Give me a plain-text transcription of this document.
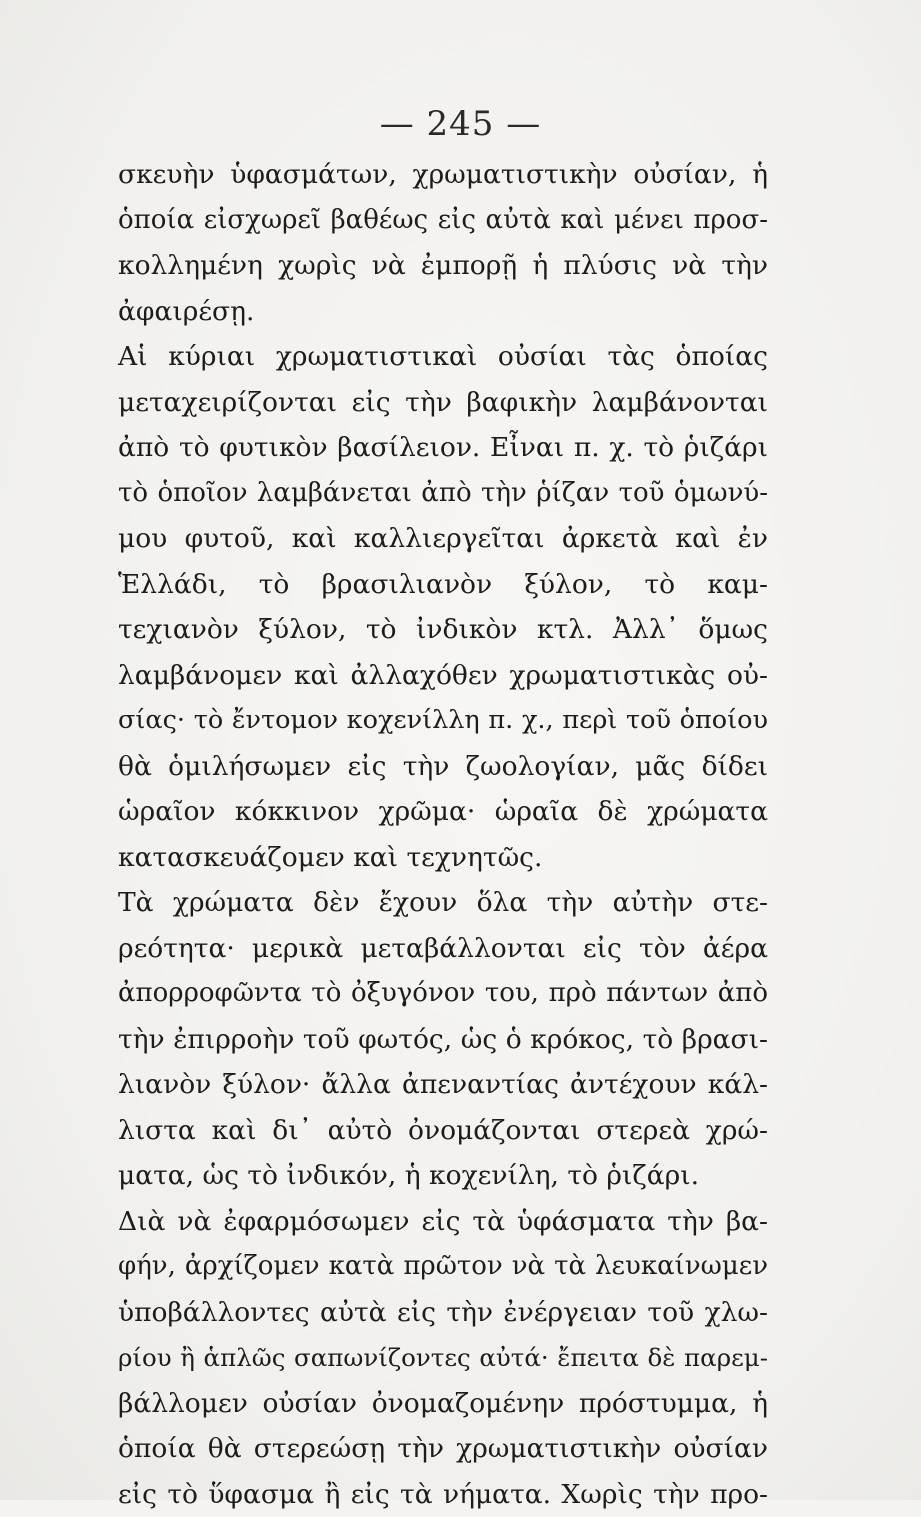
— 245 —
σκευὴν ὑφασμάτων, χρωματιστικὴν οὐσίαν, ἡ
ὁποία εἰσχωρεῖ βαθέως εἰς αὐτὰ καὶ μένει προσ-
κολλημένη χωρὶς νὰ ἐμπορῇ ἡ πλύσις νὰ τὴν
ἀφαιρέσῃ.
Αἱ κύριαι χρωματιστικαὶ οὐσίαι τὰς ὁποίας
μεταχειρίζονται εἰς τὴν βαφικὴν λαμβάνονται
ἀπὸ τὸ φυτικὸν βασίλειον. Εἶναι π. χ. τὸ ῥιζάρι
τὸ ὁποῖον λαμβάνεται ἀπὸ τὴν ῥίζαν τοῦ ὁμωνύ-
μου φυτοῦ, καὶ καλλιεργεῖται ἀρκετὰ καὶ ἐν
Ἑλλάδι, τὸ βρασιλιανὸν ξύλον, τὸ καμ-
τεχιανὸν ξύλον, τὸ ἰνδικὸν κτλ. Ἀλλ᾽ ὅμως
λαμβάνομεν καὶ ἀλλαχόθεν χρωματιστικὰς οὐ-
σίας· τὸ ἔντομον κοχενίλλη π. χ., περὶ τοῦ ὁποίου
θὰ ὁμιλήσωμεν εἰς τὴν ζωολογίαν, μᾶς δίδει
ὡραῖον κόκκινον χρῶμα· ὡραῖα δὲ χρώματα
κατασκευάζομεν καὶ τεχνητῶς.
Τὰ χρώματα δὲν ἔχουν ὅλα τὴν αὐτὴν στε-
ρεότητα· μερικὰ μεταβάλλονται εἰς τὸν ἀέρα
ἀπορροφῶντα τὸ ὀξυγόνον του, πρὸ πάντων ἀπὸ
τὴν ἐπιρροὴν τοῦ φωτός, ὡς ὁ κρόκος, τὸ βρασι-
λιανὸν ξύλον· ἄλλα ἀπεναντίας ἀντέχουν κάλ-
λιστα καὶ δι᾽ αὐτὸ ὀνομάζονται στερεὰ χρώ-
ματα, ὡς τὸ ἰνδικόν, ἡ κοχενίλη, τὸ ῥιζάρι.
Διὰ νὰ ἐφαρμόσωμεν εἰς τὰ ὑφάσματα τὴν βα-
φήν, ἀρχίζομεν κατὰ πρῶτον νὰ τὰ λευκαίνωμεν
ὑποβάλλοντες αὐτὰ εἰς τὴν ἐνέργειαν τοῦ χλω-
ρίου ἢ ἁπλῶς σαπωνίζοντες αὐτά· ἔπειτα δὲ παρεμ-
βάλλομεν οὐσίαν ὀνομαζομένην πρόστυμμα, ἡ
ὁποία θὰ στερεώσῃ τὴν χρωματιστικὴν οὐσίαν
εἰς τὸ ὕφασμα ἢ εἰς τὰ νήματα. Χωρὶς τὴν προ-
